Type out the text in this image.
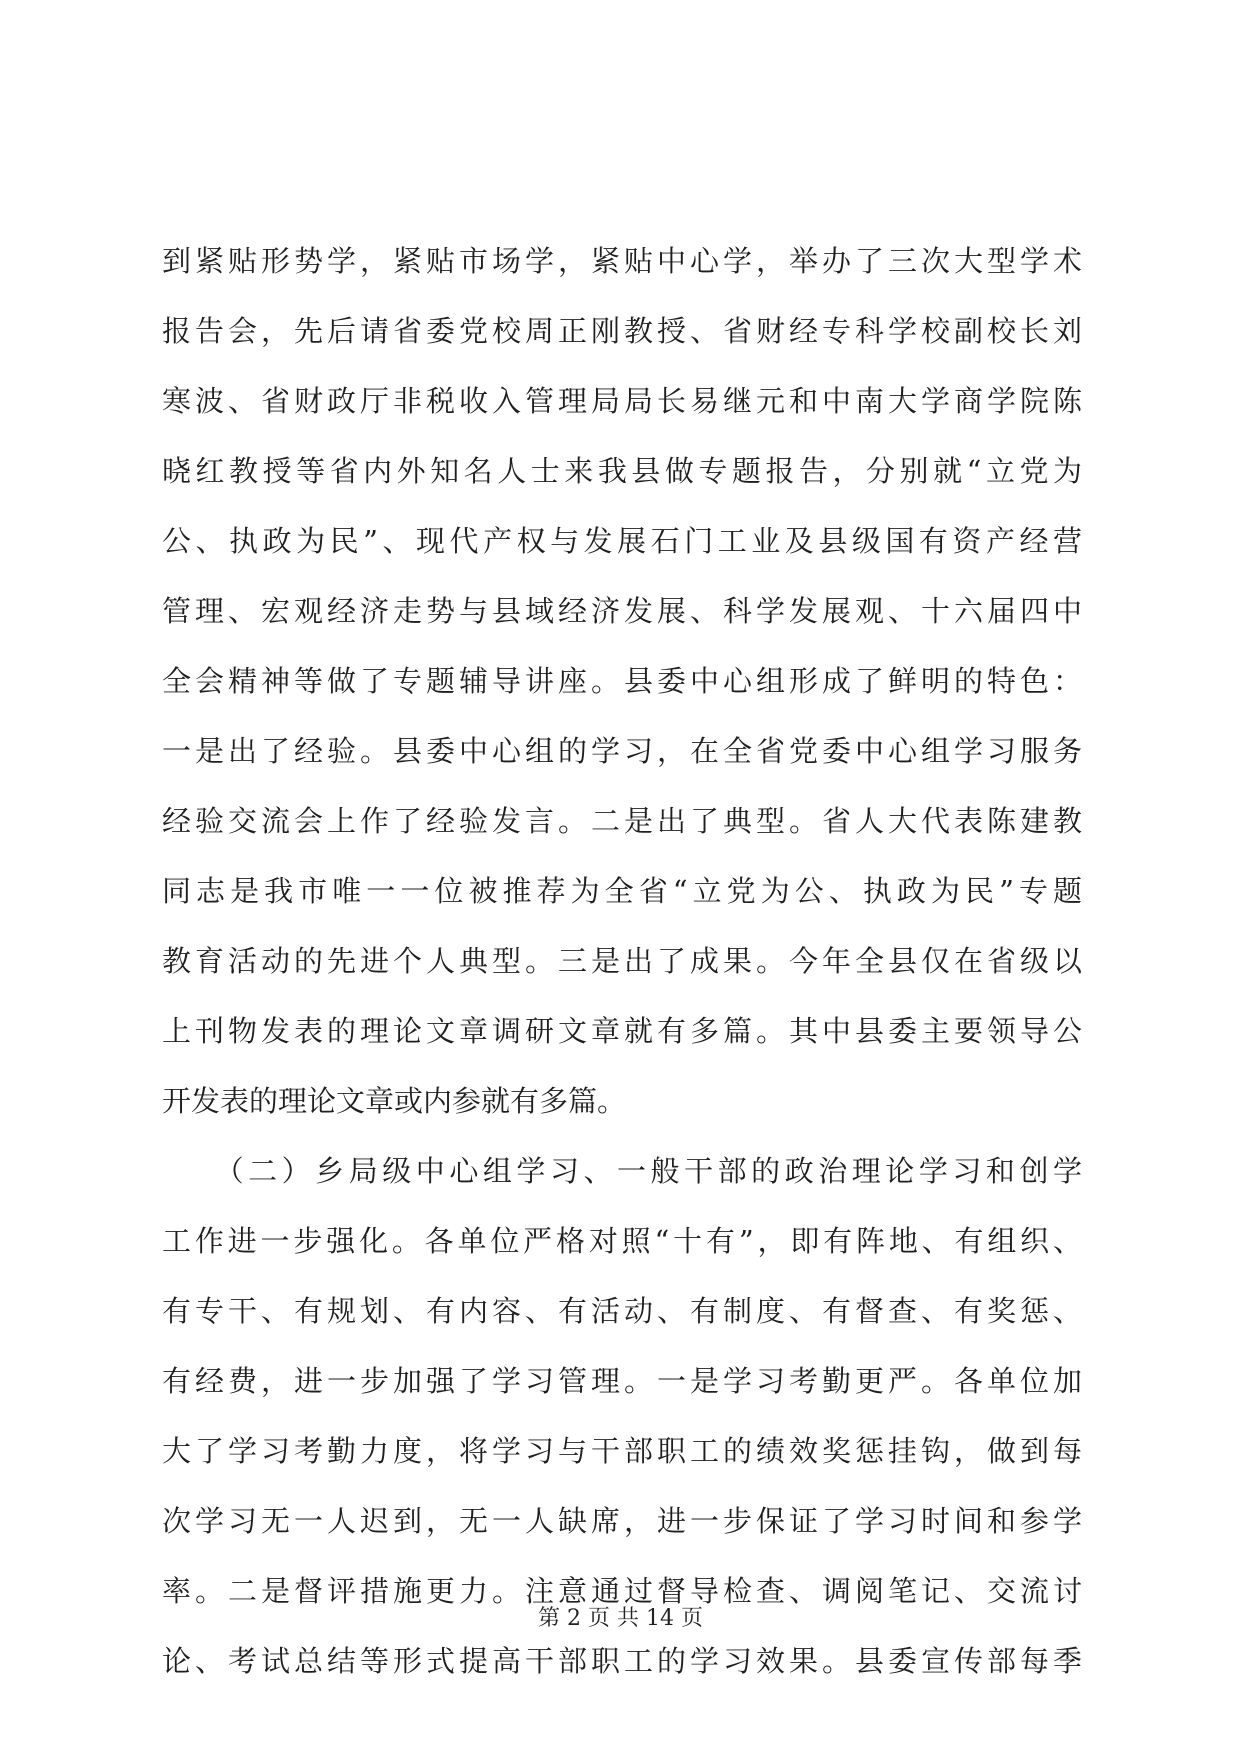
到紧贴形势学，紧贴市场学，紧贴中心学，举办了三次大型学术
报告会，先后请省委党校周正刚教授、省财经专科学校副校长刘
寒波、省财政厅非税收入管理局局长易继元和中南大学商学院陈
晓红教授等省内外知名人士来我县做专题报告，分别就“立党为
公、执政为民”、现代产权与发展石门工业及县级国有资产经营
管理、宏观经济走势与县域经济发展、科学发展观、十六届四中
全会精神等做了专题辅导讲座。县委中心组形成了鲜明的特色：
一是出了经验。县委中心组的学习，在全省党委中心组学习服务
经验交流会上作了经验发言。二是出了典型。省人大代表陈建教
同志是我市唯一一位被推荐为全省“立党为公、执政为民”专题
教育活动的先进个人典型。三是出了成果。今年全县仅在省级以
上刊物发表的理论文章调研文章就有多篇。其中县委主要领导公
开发表的理论文章或内参就有多篇。
　　（二）乡局级中心组学习、一般干部的政治理论学习和创学
工作进一步强化。各单位严格对照“十有”，即有阵地、有组织、
有专干、有规划、有内容、有活动、有制度、有督查、有奖惩、
有经费，进一步加强了学习管理。一是学习考勤更严。各单位加
大了学习考勤力度，将学习与干部职工的绩效奖惩挂钩，做到每
次学习无一人迟到，无一人缺席，进一步保证了学习时间和参学
率。二是督评措施更力。注意通过督导检查、调阅笔记、交流讨
论、考试总结等形式提高干部职工的学习效果。县委宣传部每季
第 2 页 共 14 页
